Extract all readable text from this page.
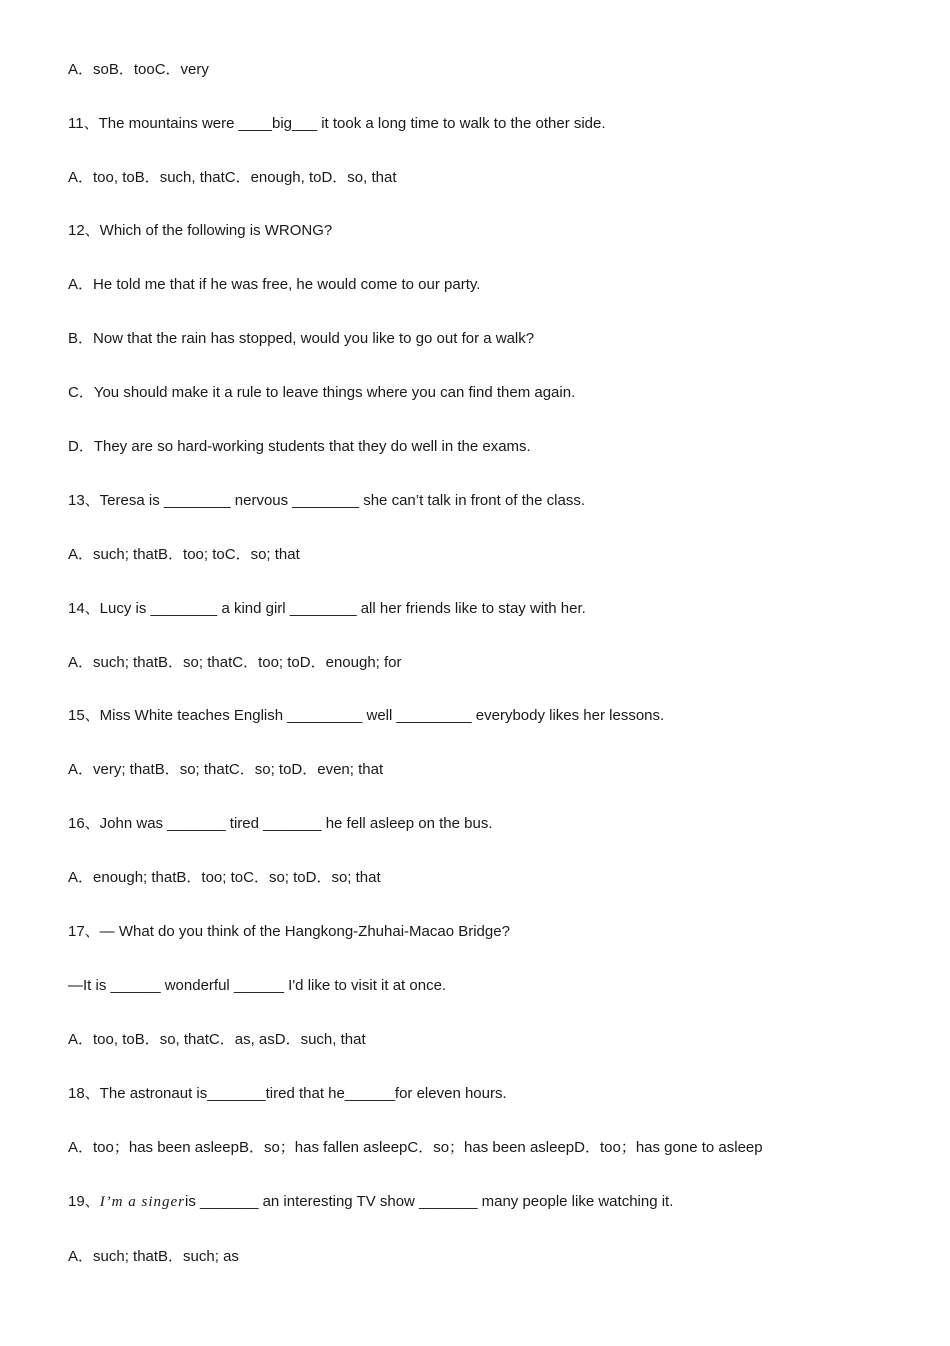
A．soB．tooC．very
11、The mountains were ____big___ it took a long time to walk to the other side.
A．too, toB．such, thatC．enough, toD．so, that
12、Which of the following is WRONG?
A．He told me that if he was free, he would come to our party.
B．Now that the rain has stopped, would you like to go out for a walk?
C．You should make it a rule to leave things where you can find them again.
D．They are so hard-working students that they do well in the exams.
13、Teresa is ________ nervous ________ she can’t talk in front of the class.
A．such; thatB．too; toC．so; that
14、Lucy is ________ a kind girl ________ all her friends like to stay with her.
A．such; thatB．so; thatC．too; toD．enough; for
15、Miss White teaches English _________ well _________ everybody likes her lessons.
A．very; thatB．so; thatC．so; toD．even; that
16、John was _______ tired _______ he fell asleep on the bus.
A．enough; thatB．too; toC．so; toD．so; that
17、— What do you think of the Hangkong-Zhuhai-Macao Bridge?
—It is ______ wonderful ______ I'd like to visit it at once.
A．too, toB．so, thatC．as, asD．such, that
18、The astronaut is_______tired that he______for eleven hours.
A．too；has been asleepB．so；has fallen asleepC．so；has been asleepD．too；has gone to asleep
19、I’m a singeris _______ an interesting TV show _______ many people like watching it.
A．such; thatB．such; as
